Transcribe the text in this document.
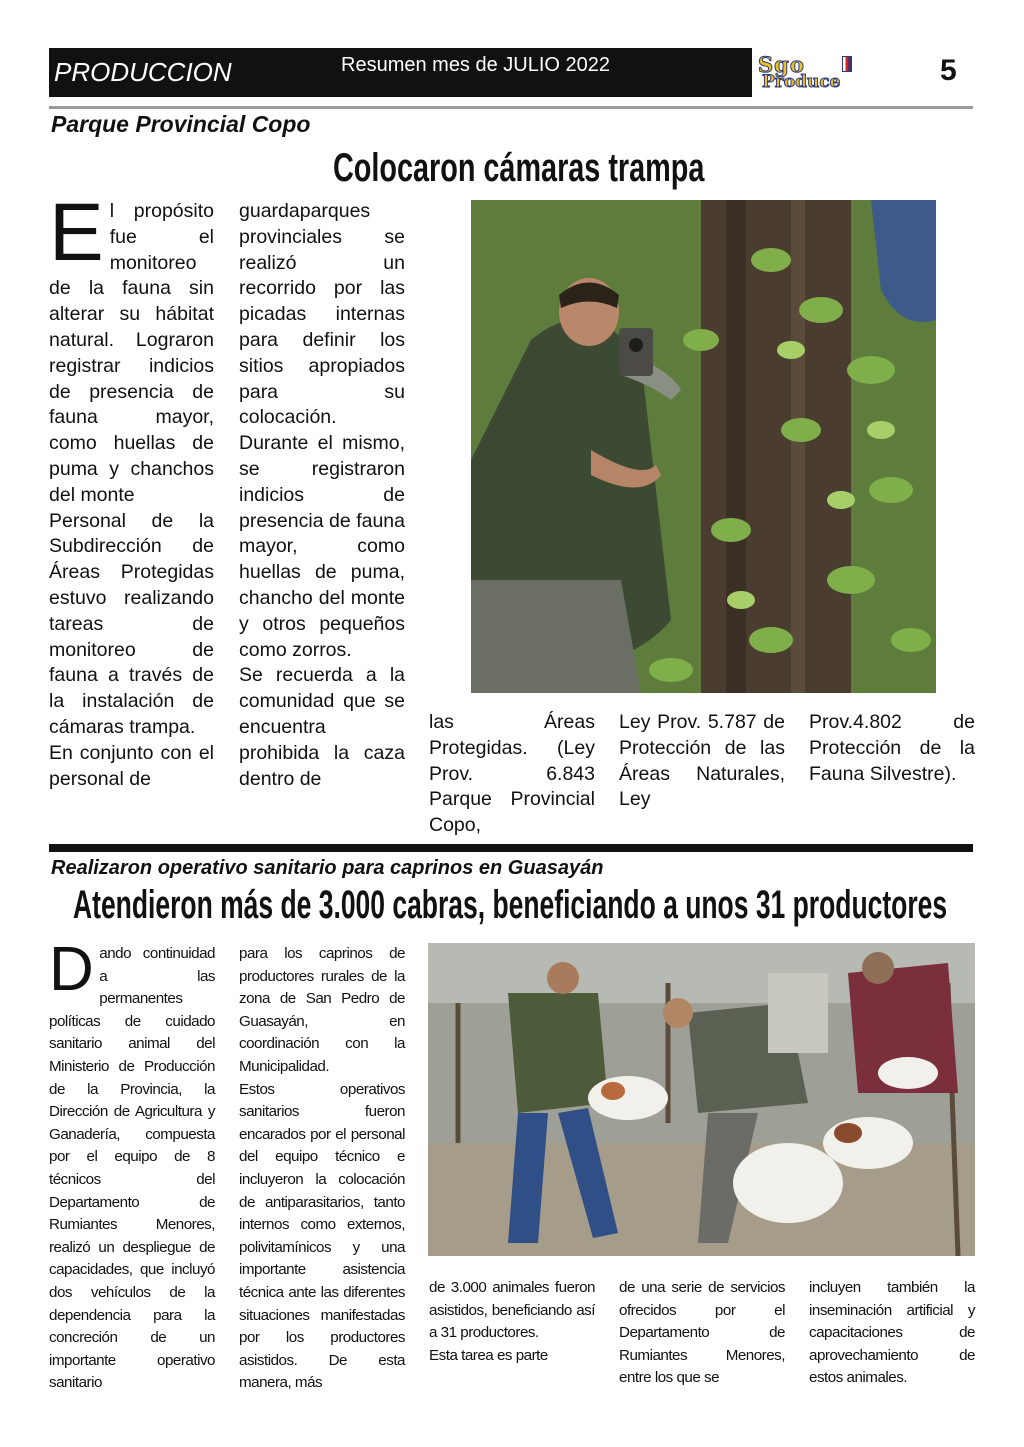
PRODUCCION	Resumen mes de JULIO 2022	Sgo
Produce	5
Parque Provincial Copo
Colocaron cámaras trampa
E l propósito fue el monitoreo de la fauna sin alterar su hábitat natural. Lograron registrar indicios de presencia de fauna mayor, como huellas de puma y chanchos del monte
Personal de la Subdirección de Áreas Protegidas estuvo realizando tareas de monitoreo de fauna a través de la instalación de cámaras trampa.
En conjunto con el personal de
guardaparques provinciales se realizó un recorrido por las picadas internas para definir los sitios apropiados para su colocación.
Durante el mismo, se registraron indicios de presencia de fauna mayor, como huellas de puma, chancho del monte y otros pequeños como zorros.
Se recuerda a la comunidad que se encuentra prohibida la caza dentro de
las Áreas Protegidas. (Ley Prov. 6.843 Parque Provincial Copo,
Ley Prov. 5.787 de Protección de las Áreas Naturales, Ley
Prov.4.802 de Protección de la Fauna Silvestre).
Realizaron operativo sanitario para caprinos en Guasayán
Atendieron más de 3.000 cabras, beneficiando a unos 31 productores
D ando continuidad a las permanentes políticas de cuidado sanitario animal del Ministerio de Producción de la Provincia, la Dirección de Agricultura y Ganadería, compuesta por el equipo de 8 técnicos del Departamento de Rumiantes Menores, realizó un despliegue de capacidades, que incluyó dos vehículos de la dependencia para la concreción de un importante operativo sanitario
para los caprinos de productores rurales de la zona de San Pedro de Guasayán, en coordinación con la Municipalidad.
Estos operativos sanitarios fueron encarados por el personal del equipo técnico e incluyeron la colocación de antiparasitarios, tanto internos como externos, polivitamínicos y una importante asistencia técnica ante las diferentes situaciones manifestadas por los productores asistidos. De esta manera, más
de 3.000 animales fueron asistidos, beneficiando así a 31 productores.
Esta tarea es parte
de una serie de servicios ofrecidos por el Departamento de Rumiantes Menores, entre los que se
incluyen también la inseminación artificial y capacitaciones de aprovechamiento de estos animales.
